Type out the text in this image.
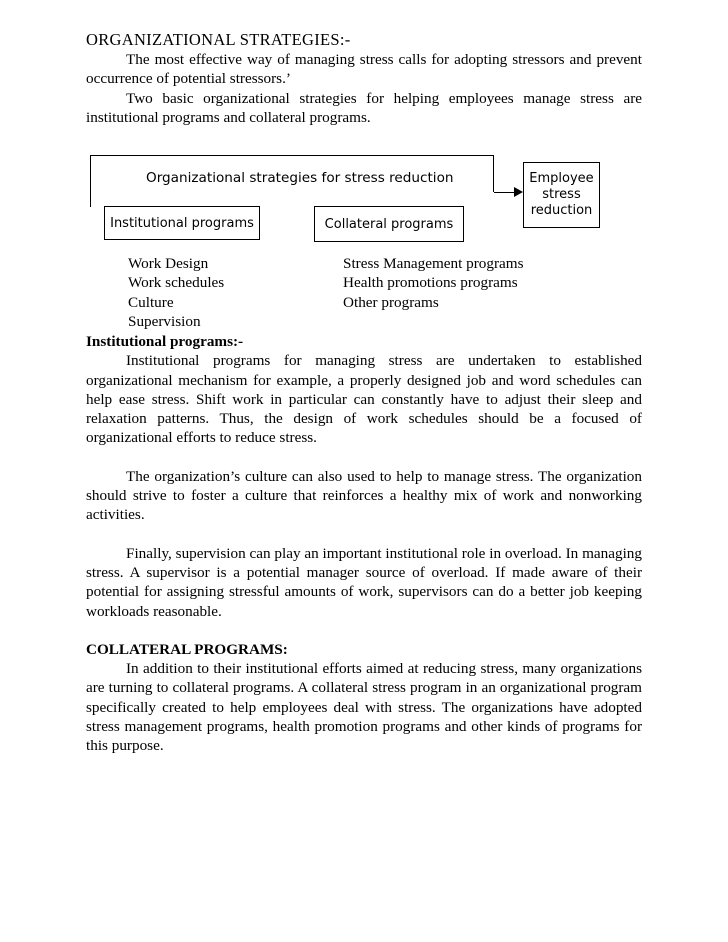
ORGANIZATIONAL STRATEGIES:-

The most effective way of managing stress calls for adopting stressors and prevent occurrence of potential stressors.’

Two basic organizational strategies for helping employees manage stress are institutional programs and collateral programs.

Organizational strategies for stress reduction
Institutional programs	Collateral programs
Employee
stress
reduction
Work Design
Work schedules
Culture
Supervision
Stress Management programs
Health promotions programs
Other programs
Institutional programs:-

Institutional programs for managing stress are undertaken to established organizational mechanism for example, a properly designed job and word schedules can help ease stress. Shift work in particular can constantly have to adjust their sleep and relaxation patterns. Thus, the design of work schedules should be a focused of organizational efforts to reduce stress.

The organization’s culture can also used to help to manage stress. The organization should strive to foster a culture that reinforces a healthy mix of work and nonworking activities.

Finally, supervision can play an important institutional role in overload. In managing stress. A supervisor is a potential manager source of overload. If made aware of their potential for assigning stressful amounts of work, supervisors can do a better job keeping workloads reasonable.

COLLATERAL PROGRAMS:

In addition to their institutional efforts aimed at reducing stress, many organizations are turning to collateral programs. A collateral stress program in an organizational program specifically created to help employees deal with stress. The organizations have adopted stress management programs, health promotion programs and other kinds of programs for this purpose.
